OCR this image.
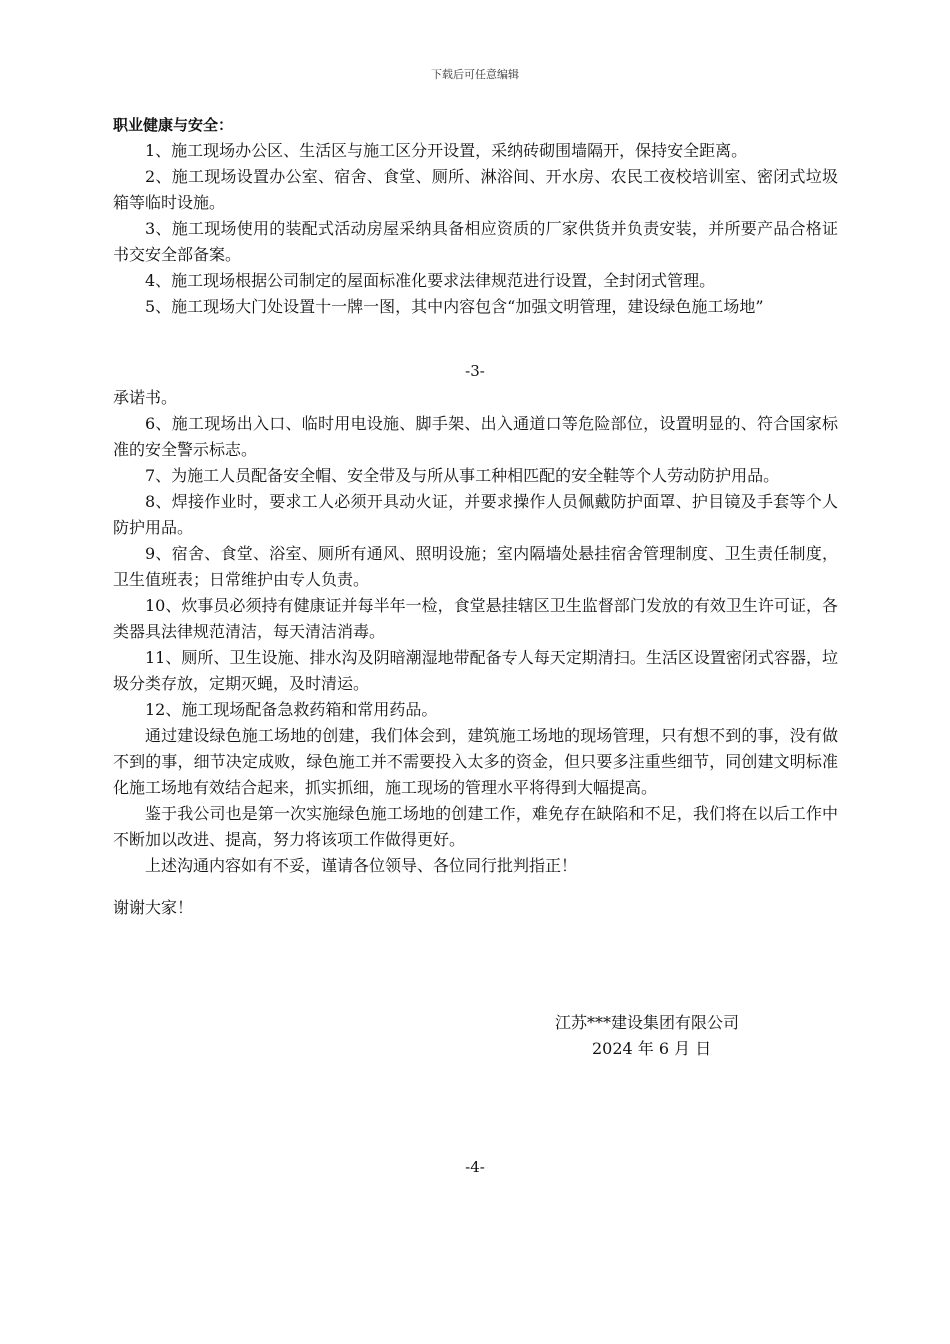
下载后可任意编辑
职业健康与安全：

1、施工现场办公区、生活区与施工区分开设置，采纳砖砌围墙隔开，保持安全距离。

2、施工现场设置办公室、宿舍、食堂、厕所、淋浴间、开水房、农民工夜校培训室、密闭式垃圾箱等临时设施。

3、施工现场使用的装配式活动房屋采纳具备相应资质的厂家供货并负责安装，并所要产品合格证书交安全部备案。

4、施工现场根据公司制定的屋面标准化要求法律规范进行设置，全封闭式管理。

5、施工现场大门处设置十一牌一图，其中内容包含“加强文明管理，建设绿色施工场地”

-3-

承诺书。

6、施工现场出入口、临时用电设施、脚手架、出入通道口等危险部位，设置明显的、符合国家标准的安全警示标志。

7、为施工人员配备安全帽、安全带及与所从事工种相匹配的安全鞋等个人劳动防护用品。

8、焊接作业时，要求工人必须开具动火证，并要求操作人员佩戴防护面罩、护目镜及手套等个人防护用品。

9、宿舍、食堂、浴室、厕所有通风、照明设施；室内隔墙处悬挂宿舍管理制度、卫生责任制度，卫生值班表；日常维护由专人负责。

10、炊事员必须持有健康证并每半年一检，食堂悬挂辖区卫生监督部门发放的有效卫生许可证，各类器具法律规范清洁，每天清洁消毒。

11、厕所、卫生设施、排水沟及阴暗潮湿地带配备专人每天定期清扫。生活区设置密闭式容器，垃圾分类存放，定期灭蝇，及时清运。

12、施工现场配备急救药箱和常用药品。

通过建设绿色施工场地的创建，我们体会到，建筑施工场地的现场管理，只有想不到的事，没有做不到的事，细节决定成败，绿色施工并不需要投入太多的资金，但只要多注重些细节，同创建文明标准化施工场地有效结合起来，抓实抓细，施工现场的管理水平将得到大幅提高。

鉴于我公司也是第一次实施绿色施工场地的创建工作，难免存在缺陷和不足，我们将在以后工作中不断加以改进、提高，努力将该项工作做得更好。

上述沟通内容如有不妥，谨请各位领导、各位同行批判指正！

谢谢大家！

江苏***建设集团有限公司
2024 年 6 月 日
-4-
